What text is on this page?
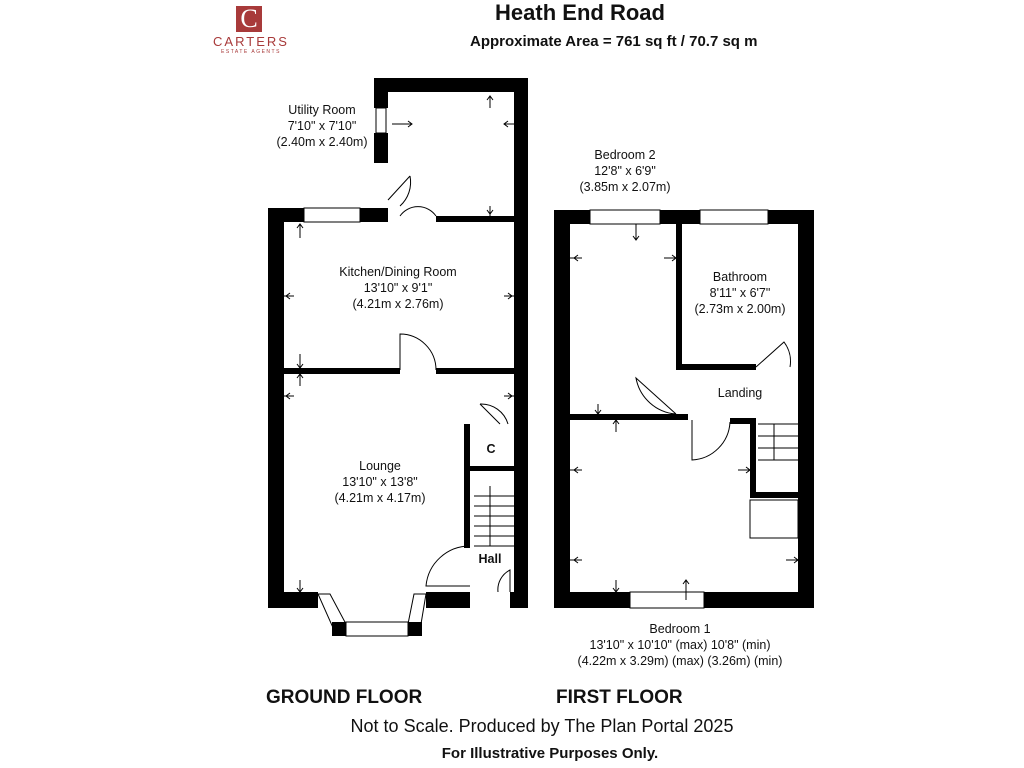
C
CARTERS
ESTATE AGENTS
Heath End Road
Approximate Area = 761 sq ft / 70.7 sq m
Utility Room
7'10" x 7'10"
(2.40m x 2.40m)
Kitchen/Dining Room
13'10" x 9'1"
(4.21m x 2.76m)
Lounge
13'10" x 13'8"
(4.21m x 4.17m)
C
Hall
Bedroom 2
12'8" x 6'9"
(3.85m x 2.07m)
Bathroom
8'11" x 6'7"
(2.73m x 2.00m)
Landing
Bedroom 1
13'10" x 10'10" (max) 10'8" (min)
(4.22m x 3.29m) (max) (3.26m) (min)
GROUND FLOOR	FIRST FLOOR
Not to Scale. Produced by The Plan Portal 2025
For Illustrative Purposes Only.
